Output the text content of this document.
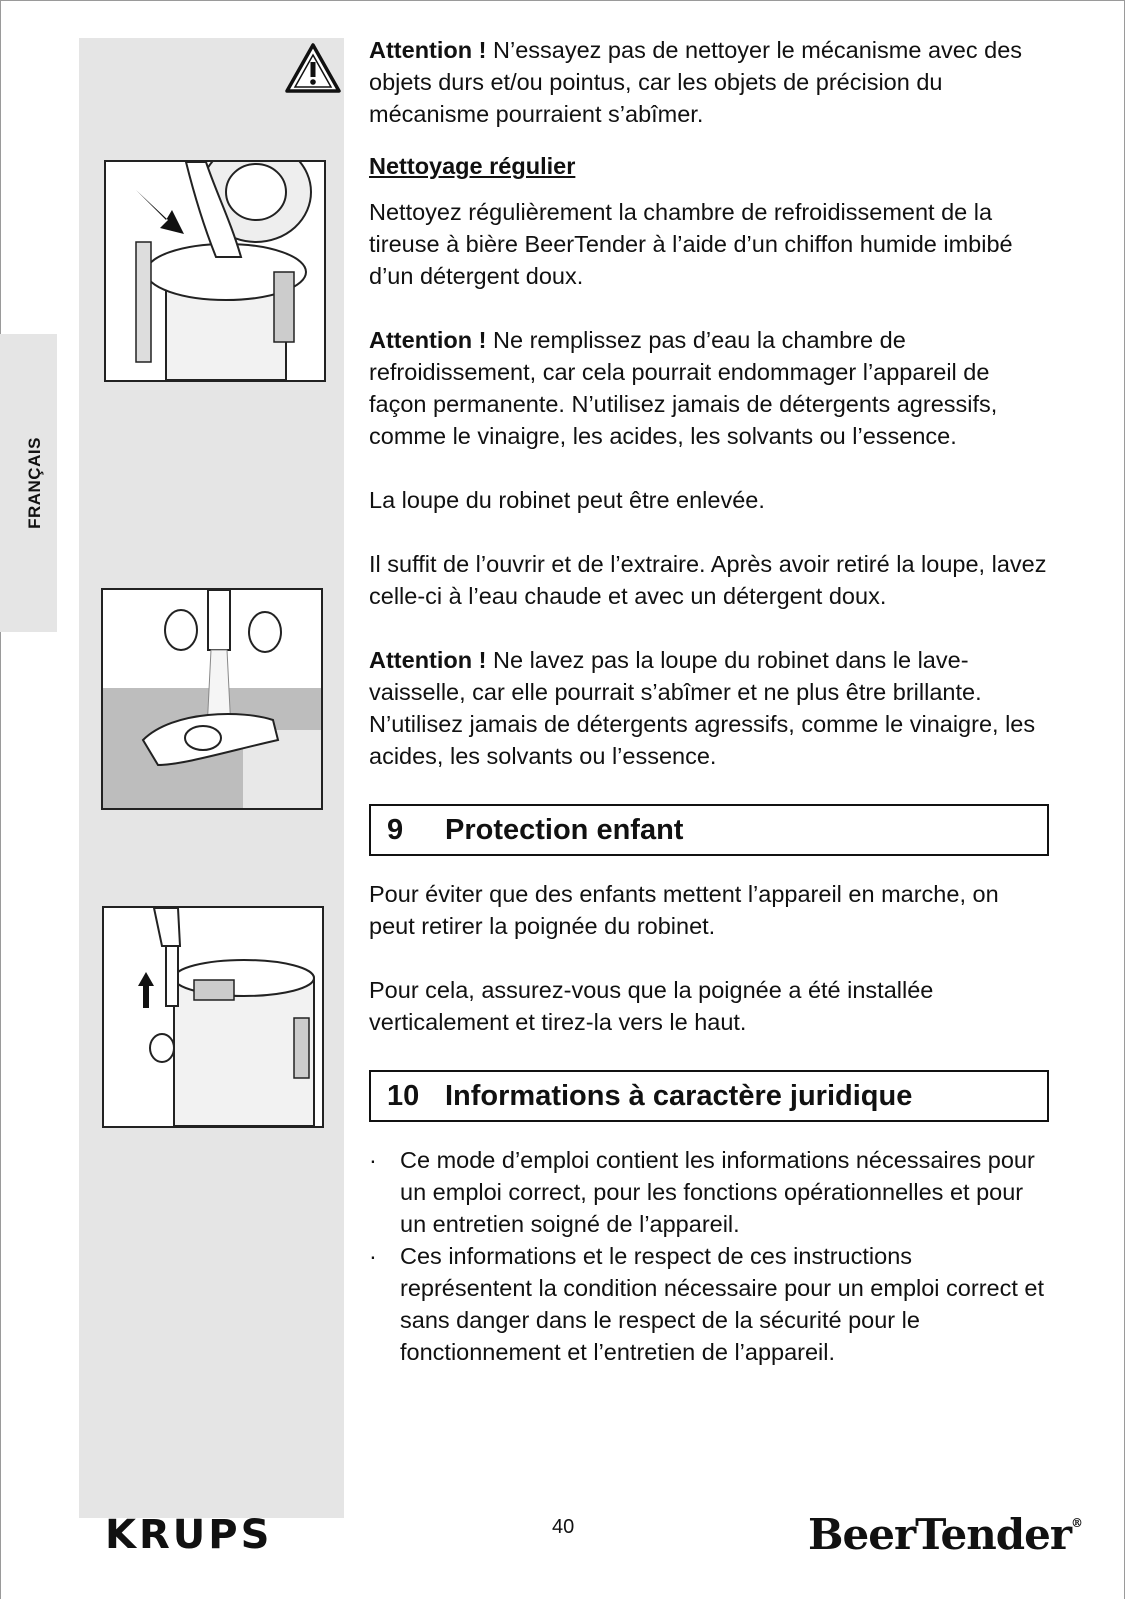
FRANÇAIS

Attention ! N’essayez pas de nettoyer le mécanisme avec des objets durs et/ou pointus, car les objets de précision du mécanisme pourraient s’abîmer.

Nettoyage régulier

Nettoyez régulièrement la chambre de refroidissement de la tireuse à bière BeerTender à l’aide d’un chiffon humide imbibé d’un détergent doux.

Attention ! Ne remplissez pas d’eau la chambre de refroidissement, car cela pourrait endommager l’appareil de façon permanente. N’utilisez jamais de détergents agressifs, comme le vinaigre, les acides, les solvants ou l’essence.

La loupe du robinet peut être enlevée.

Il suffit de l’ouvrir et de l’extraire. Après avoir retiré la loupe, lavez celle-ci à l’eau chaude et avec un détergent doux.

Attention ! Ne lavez pas la loupe du robinet dans le lave-vaisselle, car elle pourrait s’abîmer et ne plus être brillante. N’utilisez jamais de détergents agressifs, comme le vinaigre, les acides, les solvants ou l’essence.

9	Protection enfant

Pour éviter que des enfants mettent l’appareil en marche, on peut retirer la poignée du robinet.

Pour cela, assurez-vous que la poignée a été installée verticalement et tirez-la vers le haut.

10 Informations à caractère juridique
· Ce mode d’emploi contient les informations nécessaires pour un emploi correct, pour les fonctions opérationnelles et pour un entretien soigné de l’appareil.
· Ces informations et le respect de ces instructions représentent la condition nécessaire pour un emploi correct et sans danger dans le respect de la sécurité pour le fonctionnement et l’entretien de l’appareil.
KRUPS	40	BeerTender®
